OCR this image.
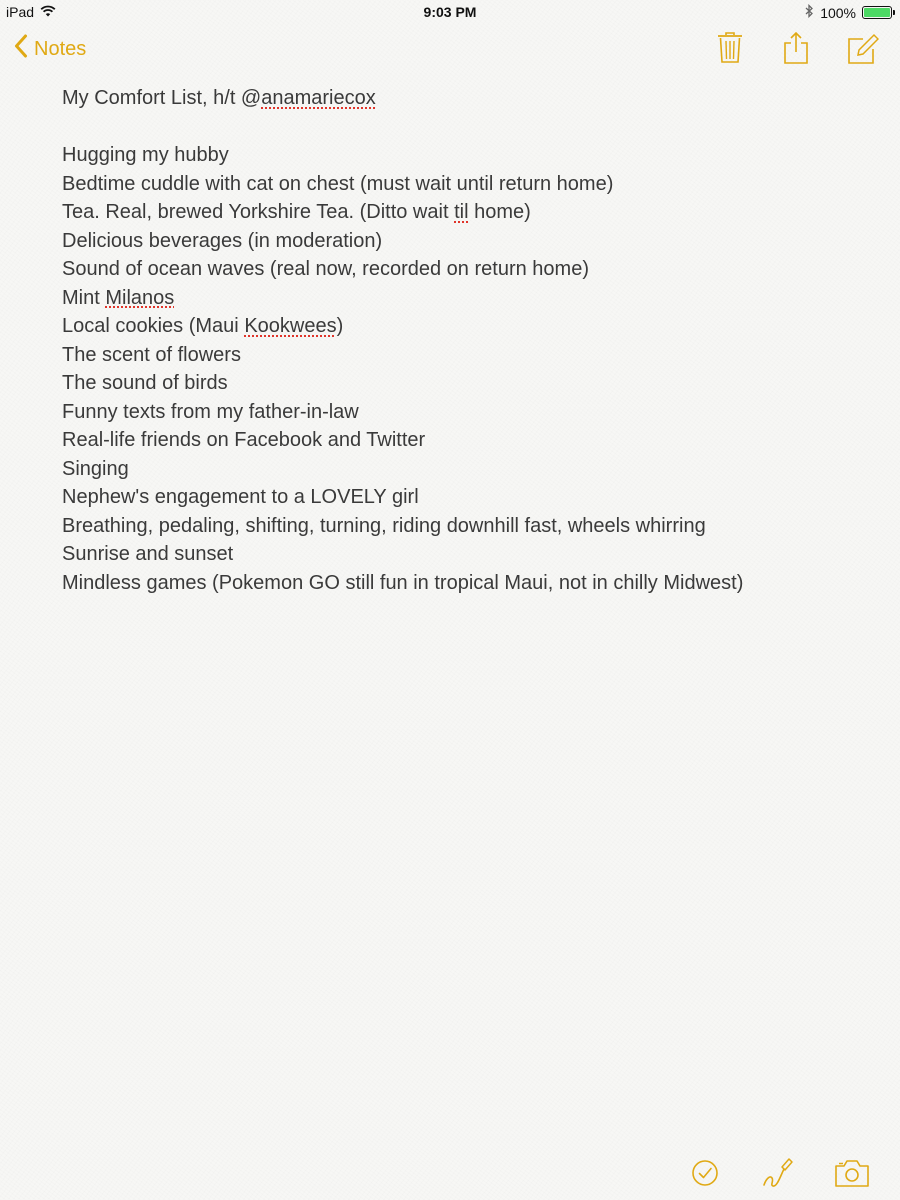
iPad	9:03 PM	100%
Notes
My Comfort List, h/t @anamariecox
Hugging my hubby
Bedtime cuddle with cat on chest (must wait until return home)
Tea. Real, brewed Yorkshire Tea. (Ditto wait til home)
Delicious beverages (in moderation)
Sound of ocean waves (real now, recorded on return home)
Mint Milanos
Local cookies (Maui Kookwees)
The scent of flowers
The sound of birds
Funny texts from my father-in-law
Real-life friends on Facebook and Twitter
Singing
Nephew's engagement to a LOVELY girl
Breathing, pedaling, shifting, turning, riding downhill fast, wheels whirring
Sunrise and sunset
Mindless games (Pokemon GO still fun in tropical Maui, not in chilly Midwest)
